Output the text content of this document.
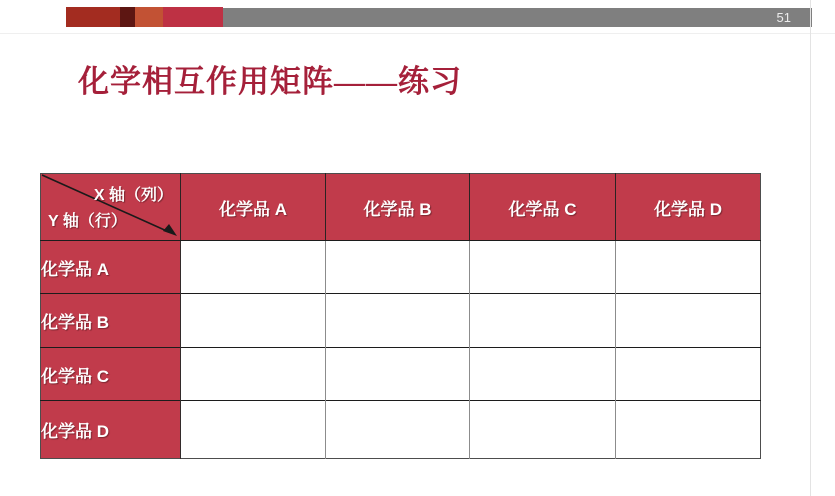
51
化学相互作用矩阵——练习
X 轴（列）
Y 轴（行）	化学品 A	化学品 B	化学品 C	化学品 D
化学品 A				
化学品 B				
化学品 C				
化学品 D				
